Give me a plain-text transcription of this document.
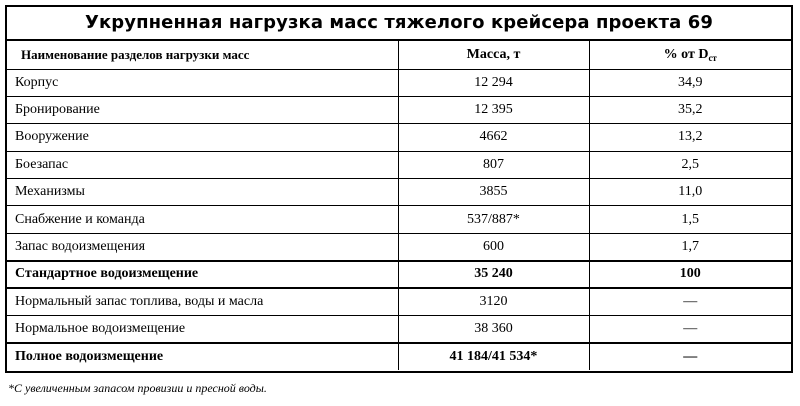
Укрупненная нагрузка масс тяжелого крейсера проекта 69
Наименование разделов нагрузки масс	Масса, т	% от $D_{ст}$
Корпус	12 294	34,9
Бронирование	12 395	35,2
Вооружение	4662	13,2
Боезапас	807	2,5
Механизмы	3855	11,0
Снабжение и команда	537/887*	1,5
Запас водоизмещения	600	1,7
Стандартное водоизмещение	35 240	100
Нормальный запас топлива, воды и масла	3120	—
Нормальное водоизмещение	38 360	—
Полное водоизмещение	41 184/41 534*	—
*С увеличенным запасом провизии и пресной воды.
